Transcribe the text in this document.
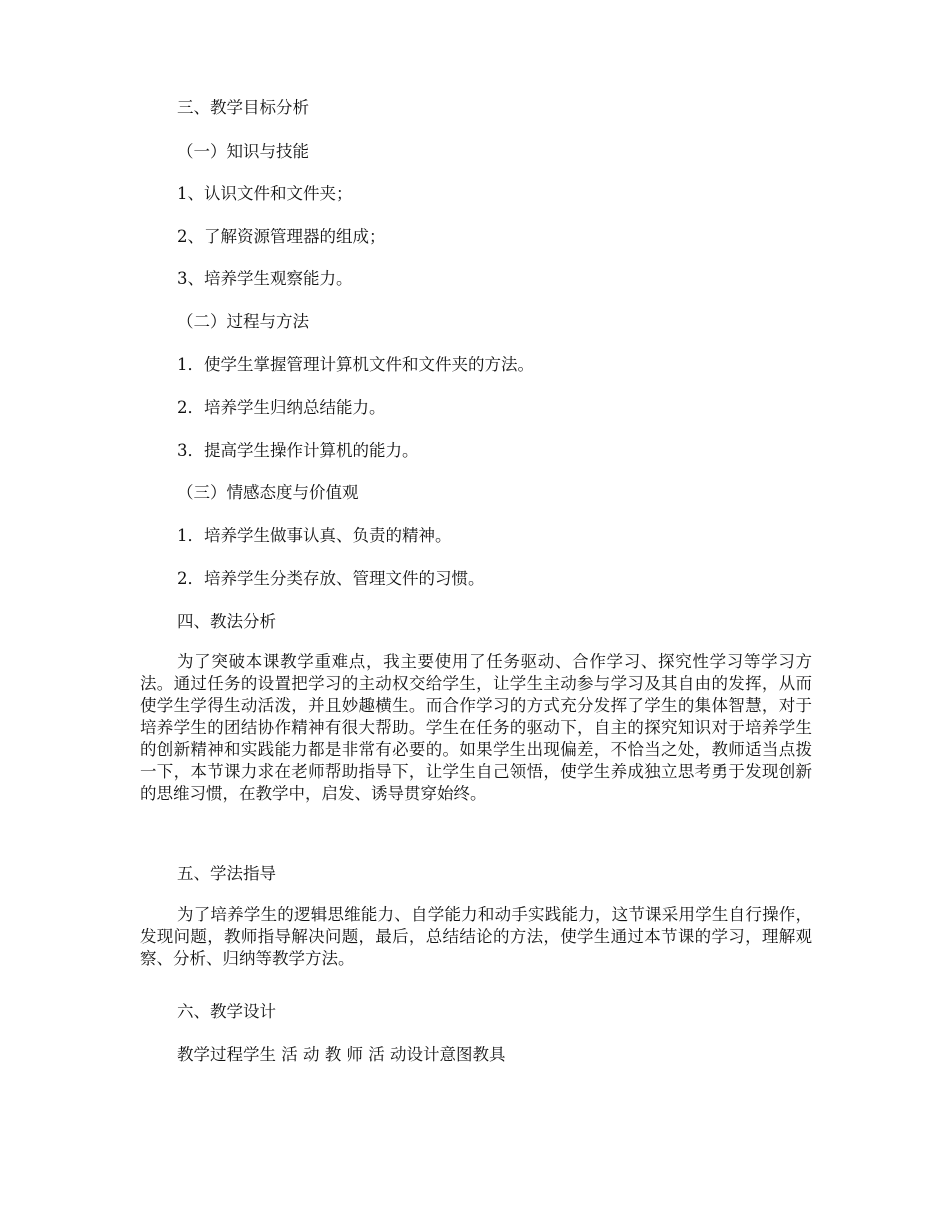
三、教学目标分析
（一）知识与技能
1、认识文件和文件夹；
2、了解资源管理器的组成；
3、培养学生观察能力。
（二）过程与方法
1．使学生掌握管理计算机文件和文件夹的方法。
2．培养学生归纳总结能力。
3．提高学生操作计算机的能力。
（三）情感态度与价值观
1．培养学生做事认真、负责的精神。
2．培养学生分类存放、管理文件的习惯。
四、教法分析
为了突破本课教学重难点，我主要使用了任务驱动、合作学习、探究性学习等学习方法。通过任务的设置把学习的主动权交给学生，让学生主动参与学习及其自由的发挥，从而使学生学得生动活泼，并且妙趣横生。而合作学习的方式充分发挥了学生的集体智慧，对于培养学生的团结协作精神有很大帮助。学生在任务的驱动下，自主的探究知识对于培养学生的创新精神和实践能力都是非常有必要的。如果学生出现偏差，不恰当之处，教师适当点拨一下，本节课力求在老师帮助指导下，让学生自己领悟，使学生养成独立思考勇于发现创新的思维习惯，在教学中，启发、诱导贯穿始终。
五、学法指导
为了培养学生的逻辑思维能力、自学能力和动手实践能力，这节课采用学生自行操作，发现问题，教师指导解决问题，最后，总结结论的方法，使学生通过本节课的学习，理解观察、分析、归纳等教学方法。
六、教学设计
教学过程学生 活 动 教 师 活 动设计意图教具
